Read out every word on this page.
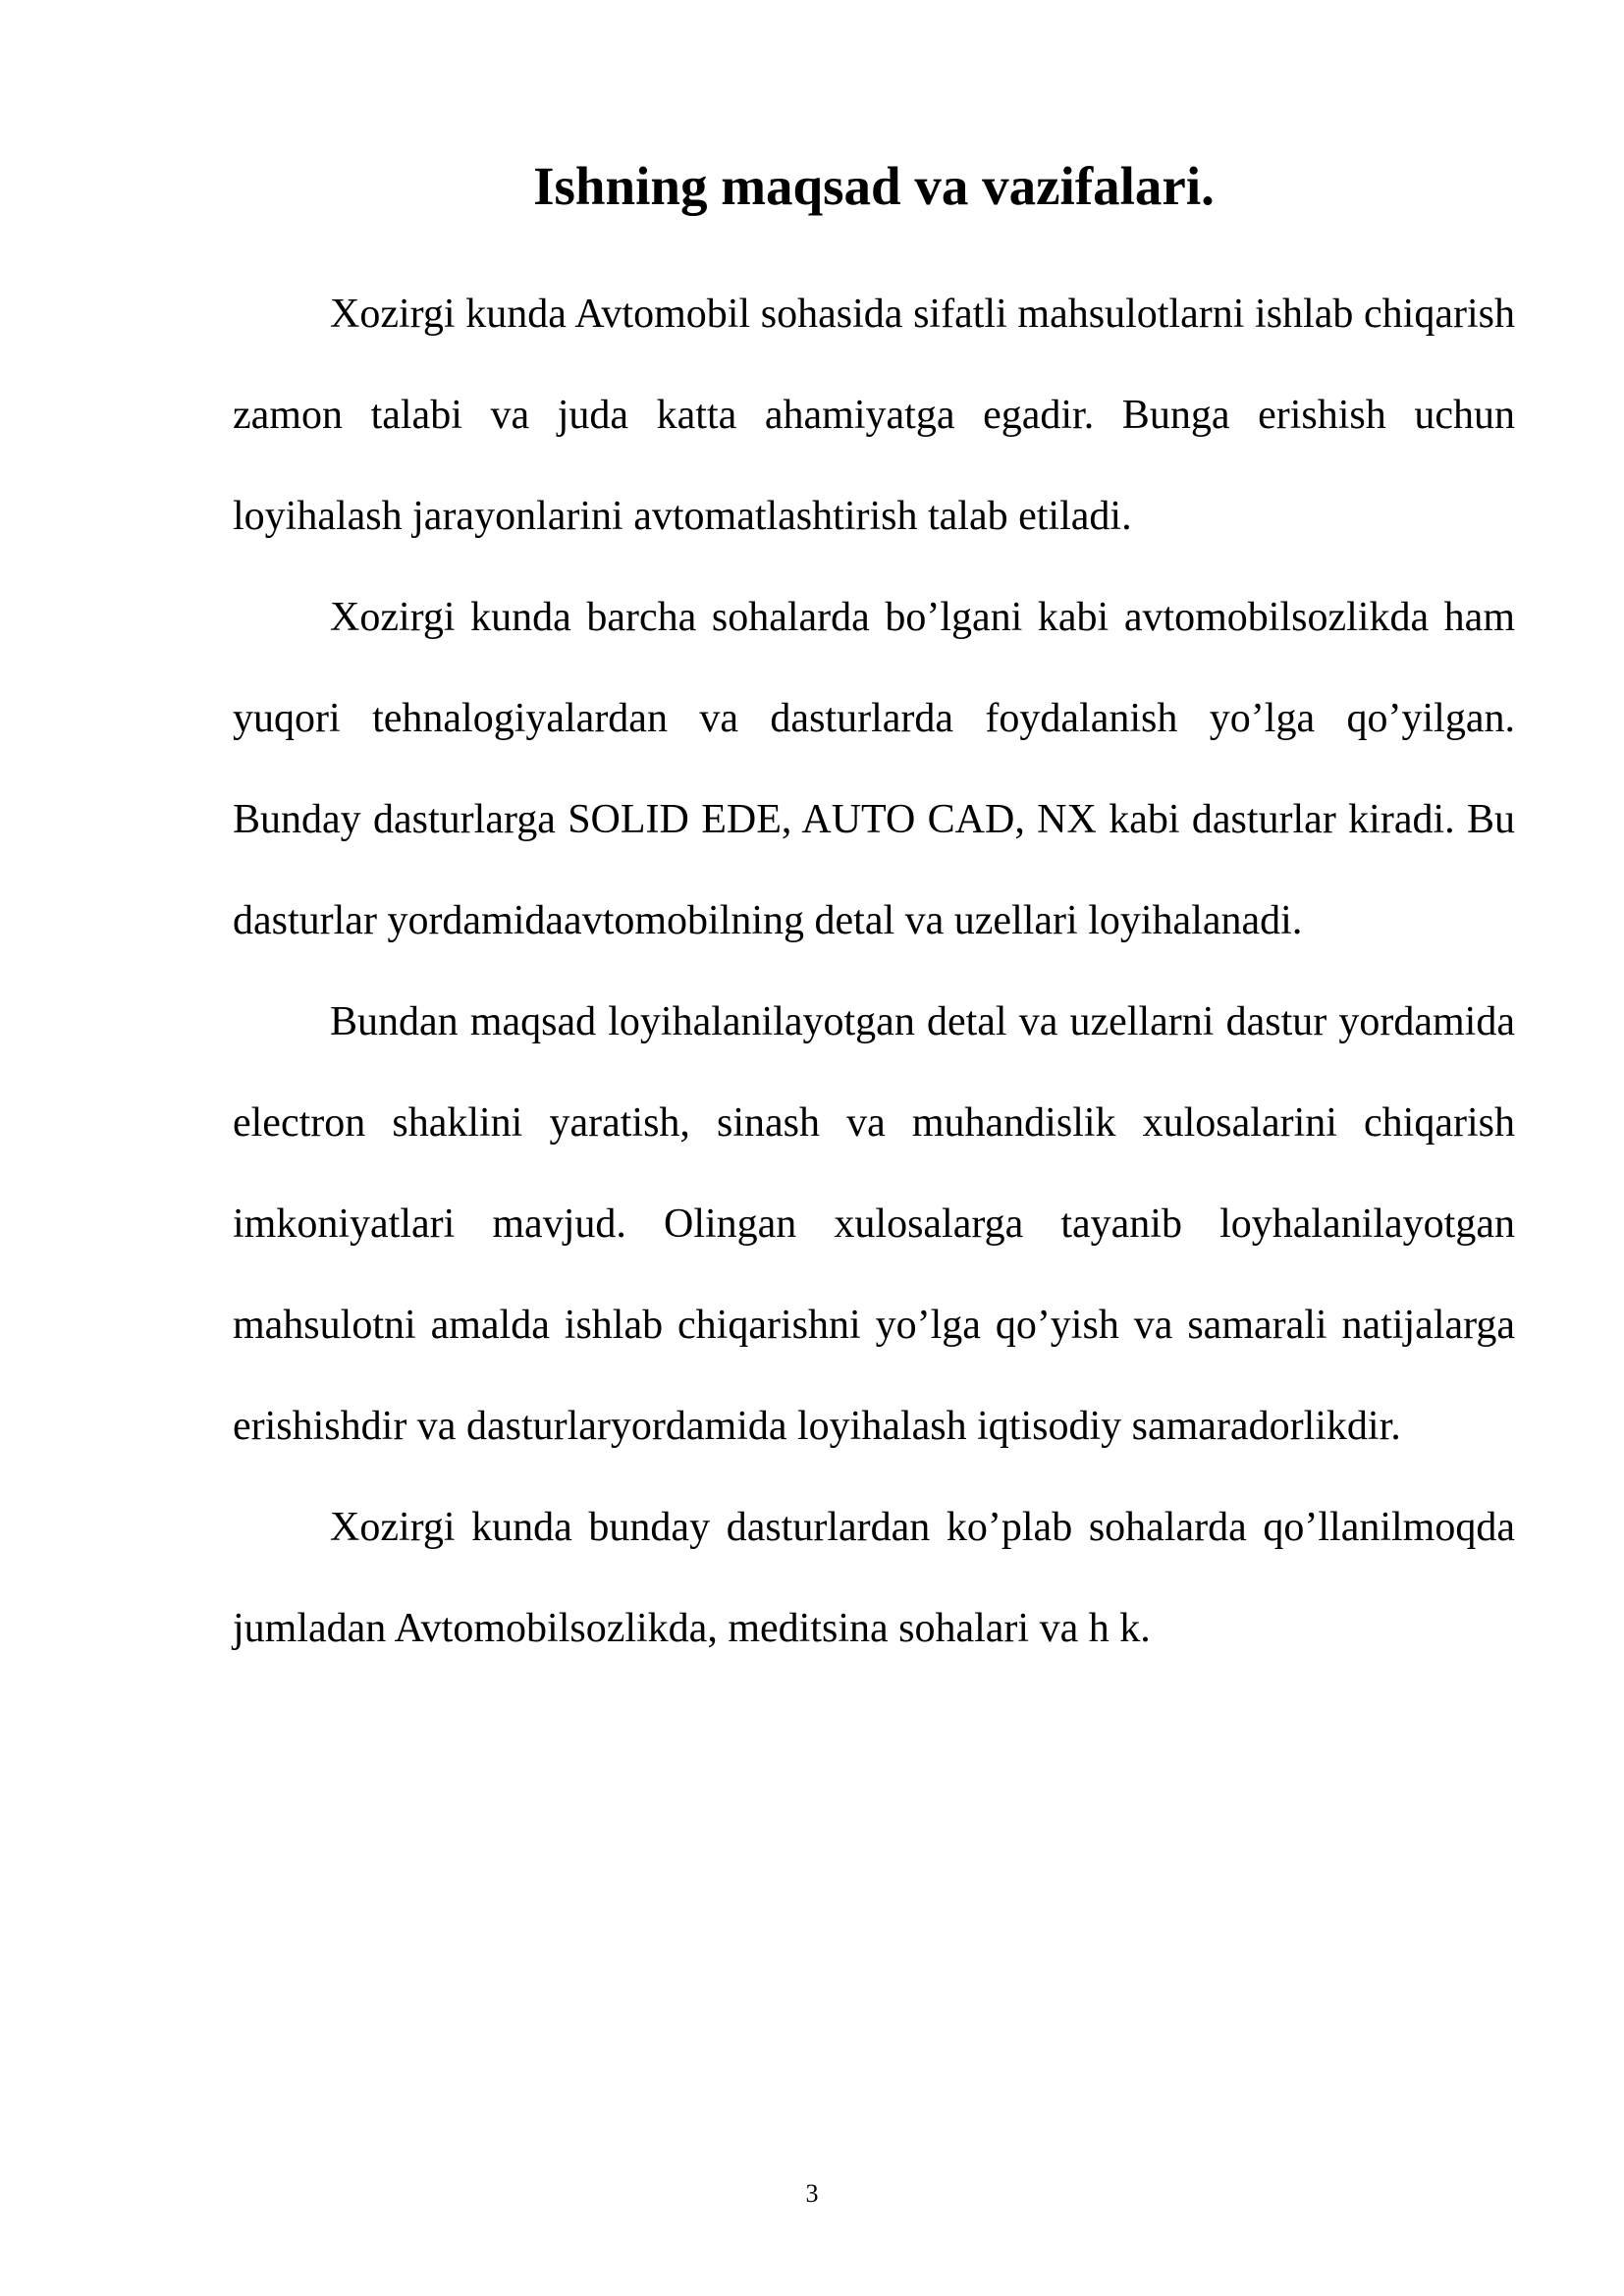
Ishning maqsad va vazifalari.

Xozirgi kunda Avtomobil sohasida sifatli mahsulotlarni ishlab chiqarish zamon talabi va juda katta ahamiyatga egadir. Bunga erishish uchun loyihalash jarayonlarini avtomatlashtirish talab etiladi.

Xozirgi kunda barcha sohalarda bo’lgani kabi avtomobilsozlikda ham yuqori tehnalogiyalardan va dasturlarda foydalanish yo’lga qo’yilgan. Bunday dasturlarga SOLID EDE, AUTO CAD, NX kabi dasturlar kiradi. Bu dasturlar yordamidaavtomobilning detal va uzellari loyihalanadi.

Bundan maqsad loyihalanilayotgan detal va uzellarni dastur yordamida electron shaklini yaratish, sinash va muhandislik xulosalarini chiqarish imkoniyatlari mavjud. Olingan xulosalarga tayanib loyhalanilayotgan mahsulotni amalda ishlab chiqarishni yo’lga qo’yish va samarali natijalarga erishishdir va dasturlaryordamida loyihalash iqtisodiy samaradorlikdir.

Xozirgi kunda bunday dasturlardan ko’plab sohalarda qo’llanilmoqda jumladan Avtomobilsozlikda, meditsina sohalari va h k.

3
